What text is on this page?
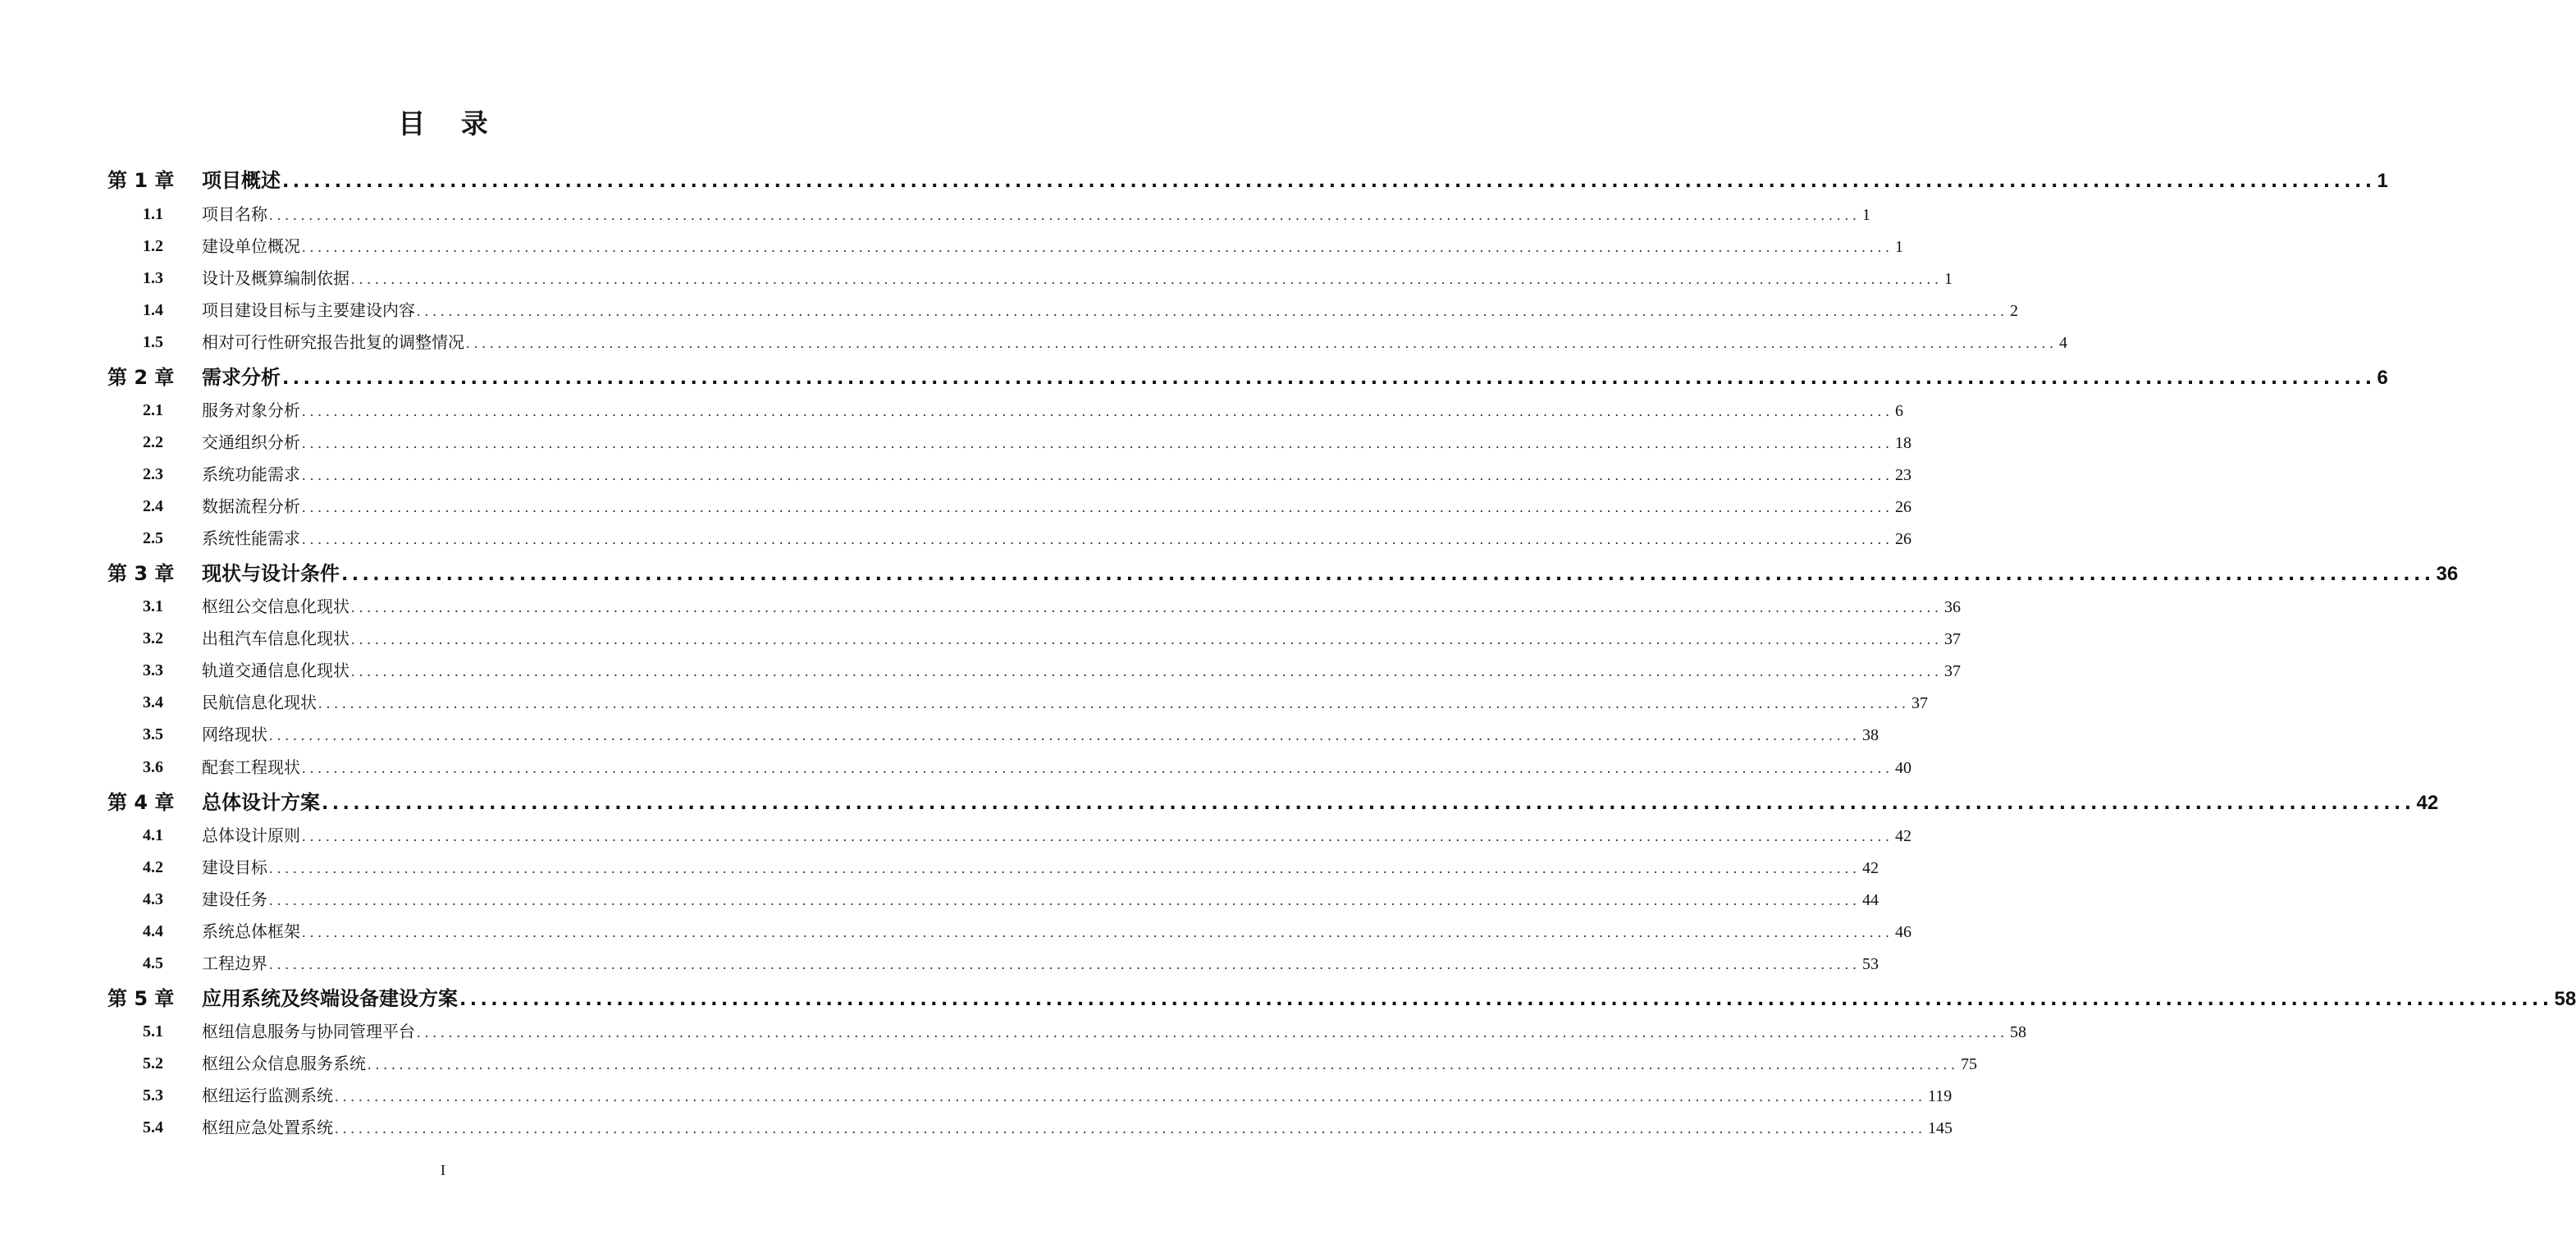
目 录
第 1 章 项目概述 ........................................................................................................................................................................................................ 1
1.1 项目名称 ........................................................................................................................................................................................................ 1
1.2 建设单位概况 ........................................................................................................................................................................................................ 1
1.3 设计及概算编制依据 ........................................................................................................................................................................................................ 1
1.4 项目建设目标与主要建设内容 ........................................................................................................................................................................................................ 2
1.5 相对可行性研究报告批复的调整情况 ........................................................................................................................................................................................................ 4
第 2 章 需求分析 ........................................................................................................................................................................................................ 6
2.1 服务对象分析 ........................................................................................................................................................................................................ 6
2.2 交通组织分析 ........................................................................................................................................................................................................ 18
2.3 系统功能需求 ........................................................................................................................................................................................................ 23
2.4 数据流程分析 ........................................................................................................................................................................................................ 26
2.5 系统性能需求 ........................................................................................................................................................................................................ 26
第 3 章 现状与设计条件 ........................................................................................................................................................................................................ 36
3.1 枢纽公交信息化现状 ........................................................................................................................................................................................................ 36
3.2 出租汽车信息化现状 ........................................................................................................................................................................................................ 37
3.3 轨道交通信息化现状 ........................................................................................................................................................................................................ 37
3.4 民航信息化现状 ........................................................................................................................................................................................................ 37
3.5 网络现状 ........................................................................................................................................................................................................ 38
3.6 配套工程现状 ........................................................................................................................................................................................................ 40
第 4 章 总体设计方案 ........................................................................................................................................................................................................ 42
4.1 总体设计原则 ........................................................................................................................................................................................................ 42
4.2 建设目标 ........................................................................................................................................................................................................ 42
4.3 建设任务 ........................................................................................................................................................................................................ 44
4.4 系统总体框架 ........................................................................................................................................................................................................ 46
4.5 工程边界 ........................................................................................................................................................................................................ 53
第 5 章 应用系统及终端设备建设方案 ........................................................................................................................................................................................................ 58
5.1 枢纽信息服务与协同管理平台 ........................................................................................................................................................................................................ 58
5.2 枢纽公众信息服务系统 ........................................................................................................................................................................................................ 75
5.3 枢纽运行监测系统 ........................................................................................................................................................................................................ 119
5.4 枢纽应急处置系统 ........................................................................................................................................................................................................ 145
I
